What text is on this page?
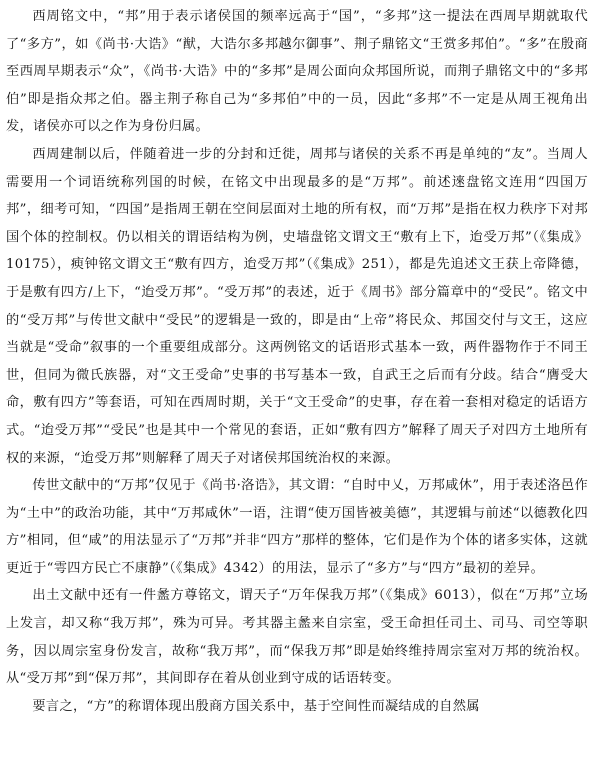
西周铭文中，“邦”用于表示诸侯国的频率远高于“国”，“多邦”这一提法在西周早期就取代了“多方”，如《尚书·大诰》“猷，大诰尔多邦越尔御事”、荆子鼎铭文“王赏多邦伯”。“多”在殷商至西周早期表示“众”，《尚书·大诰》中的“多邦”是周公面向众邦国所说，而荆子鼎铭文中的“多邦伯”即是指众邦之伯。器主荆子称自己为“多邦伯”中的一员，因此“多邦”不一定是从周王视角出发，诸侯亦可以之作为身份归属。

西周建制以后，伴随着进一步的分封和迁徙，周邦与诸侯的关系不再是单纯的“友”。当周人需要用一个词语统称列国的时候，在铭文中出现最多的是“万邦”。前述逨盘铭文连用“四国万邦”，细考可知，“四国”是指周王朝在空间层面对土地的所有权，而“万邦”是指在权力秩序下对邦国个体的控制权。仍以相关的谓语结构为例，史墙盘铭文谓文王“敷有上下，迨受万邦”（《集成》10175），瘐钟铭文谓文王“敷有四方，迨受万邦”（《集成》251），都是先追述文王获上帝降德，于是敷有四方/上下，“迨受万邦”。“受万邦”的表述，近于《周书》部分篇章中的“受民”。铭文中的“受万邦”与传世文献中“受民”的逻辑是一致的，即是由“上帝”将民众、邦国交付与文王，这应当就是“受命”叙事的一个重要组成部分。这两例铭文的话语形式基本一致，两件器物作于不同王世，但同为微氏族器，对“文王受命”史事的书写基本一致，自武王之后而有分歧。结合“膺受大命，敷有四方”等套语，可知在西周时期，关于“文王受命”的史事，存在着一套相对稳定的话语方式。“迨受万邦”“受民”也是其中一个常见的套语，正如“敷有四方”解释了周天子对四方土地所有权的来源，“迨受万邦”则解释了周天子对诸侯邦国统治权的来源。

传世文献中的“万邦”仅见于《尚书·洛诰》，其文谓：“自时中乂，万邦咸休”，用于表述洛邑作为“土中”的政治功能，其中“万邦咸休”一语，注谓“使万国皆被美德”，其逻辑与前述“以德教化四方”相同，但“咸”的用法显示了“万邦”并非“四方”那样的整体，它们是作为个体的诸多实体，这就更近于“雩四方民亡不康静”（《集成》4342）的用法，显示了“多方”与“四方”最初的差异。

出土文献中还有一件盠方尊铭文，谓天子“万年保我万邦”（《集成》6013），似在“万邦”立场上发言，却又称“我万邦”，殊为可异。考其器主盠来自宗室，受王命担任司土、司马、司空等职务，因以周宗室身份发言，故称“我万邦”，而“保我万邦”即是始终维持周宗室对万邦的统治权。从“受万邦”到“保万邦”，其间即存在着从创业到守成的话语转变。

要言之，“方”的称谓体现出殷商方国关系中，基于空间性而凝结成的自然属
